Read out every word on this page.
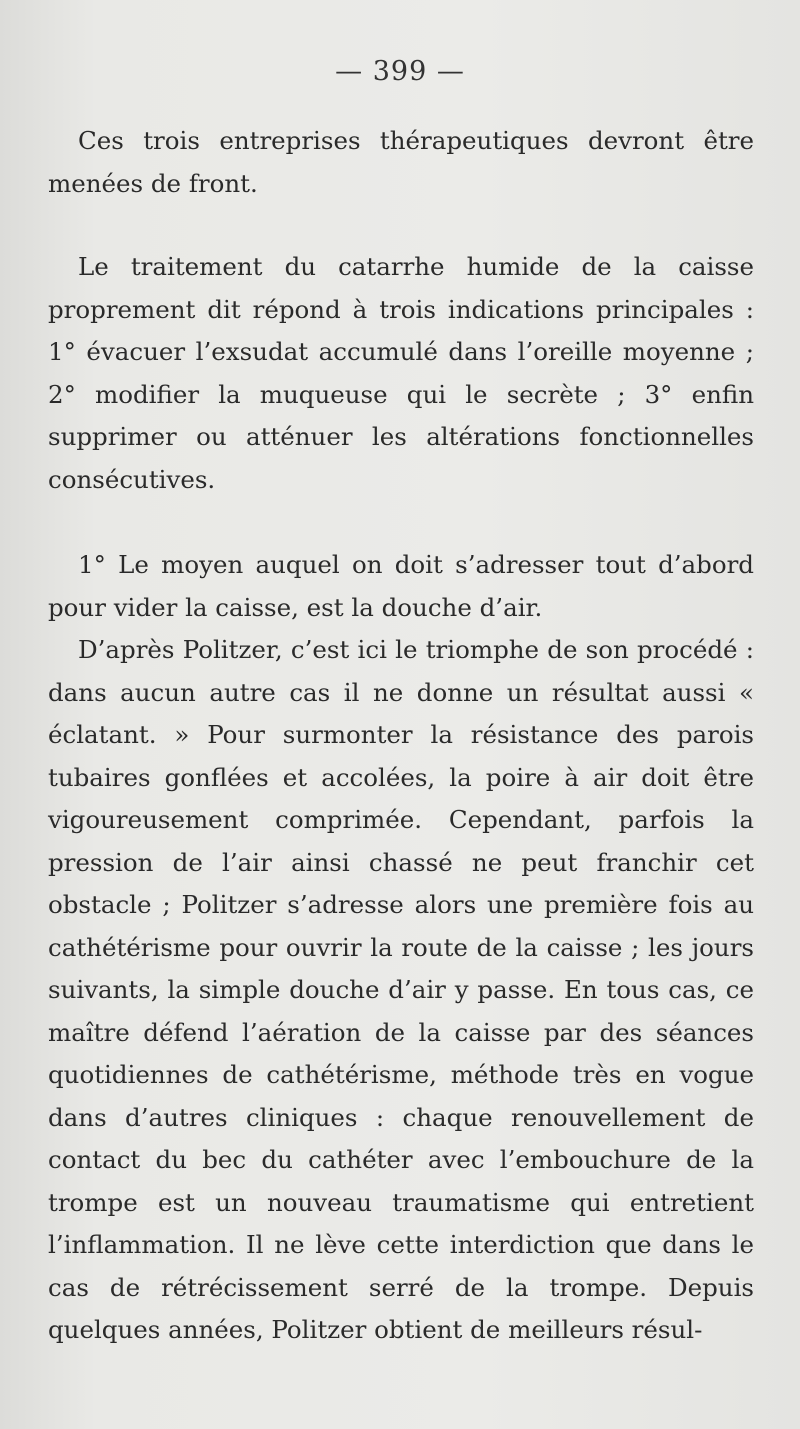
— 399 —

Ces trois entreprises thérapeutiques devront être menées de front.

Le traitement du catarrhe humide de la caisse proprement dit répond à trois indications principales : 1° évacuer l’exsudat accumulé dans l’oreille moyenne ; 2° modifier la muqueuse qui le secrète ; 3° enfin supprimer ou atténuer les altérations fonctionnelles consécutives.

1° Le moyen auquel on doit s’adresser tout d’abord pour vider la caisse, est la douche d’air.

D’après Politzer, c’est ici le triomphe de son procédé : dans aucun autre cas il ne donne un résultat aussi « éclatant. » Pour surmonter la résistance des parois tubaires gonflées et accolées, la poire à air doit être vigoureusement comprimée. Cependant, parfois la pression de l’air ainsi chassé ne peut franchir cet obstacle ; Politzer s’adresse alors une première fois au cathétérisme pour ouvrir la route de la caisse ; les jours suivants, la simple douche d’air y passe. En tous cas, ce maître défend l’aération de la caisse par des séances quotidiennes de cathétérisme, méthode très en vogue dans d’autres cliniques : chaque renouvellement de contact du bec du cathéter avec l’embouchure de la trompe est un nouveau traumatisme qui entretient l’inflammation. Il ne lève cette interdiction que dans le cas de rétrécissement serré de la trompe. Depuis quelques années, Politzer obtient de meilleurs résul-
